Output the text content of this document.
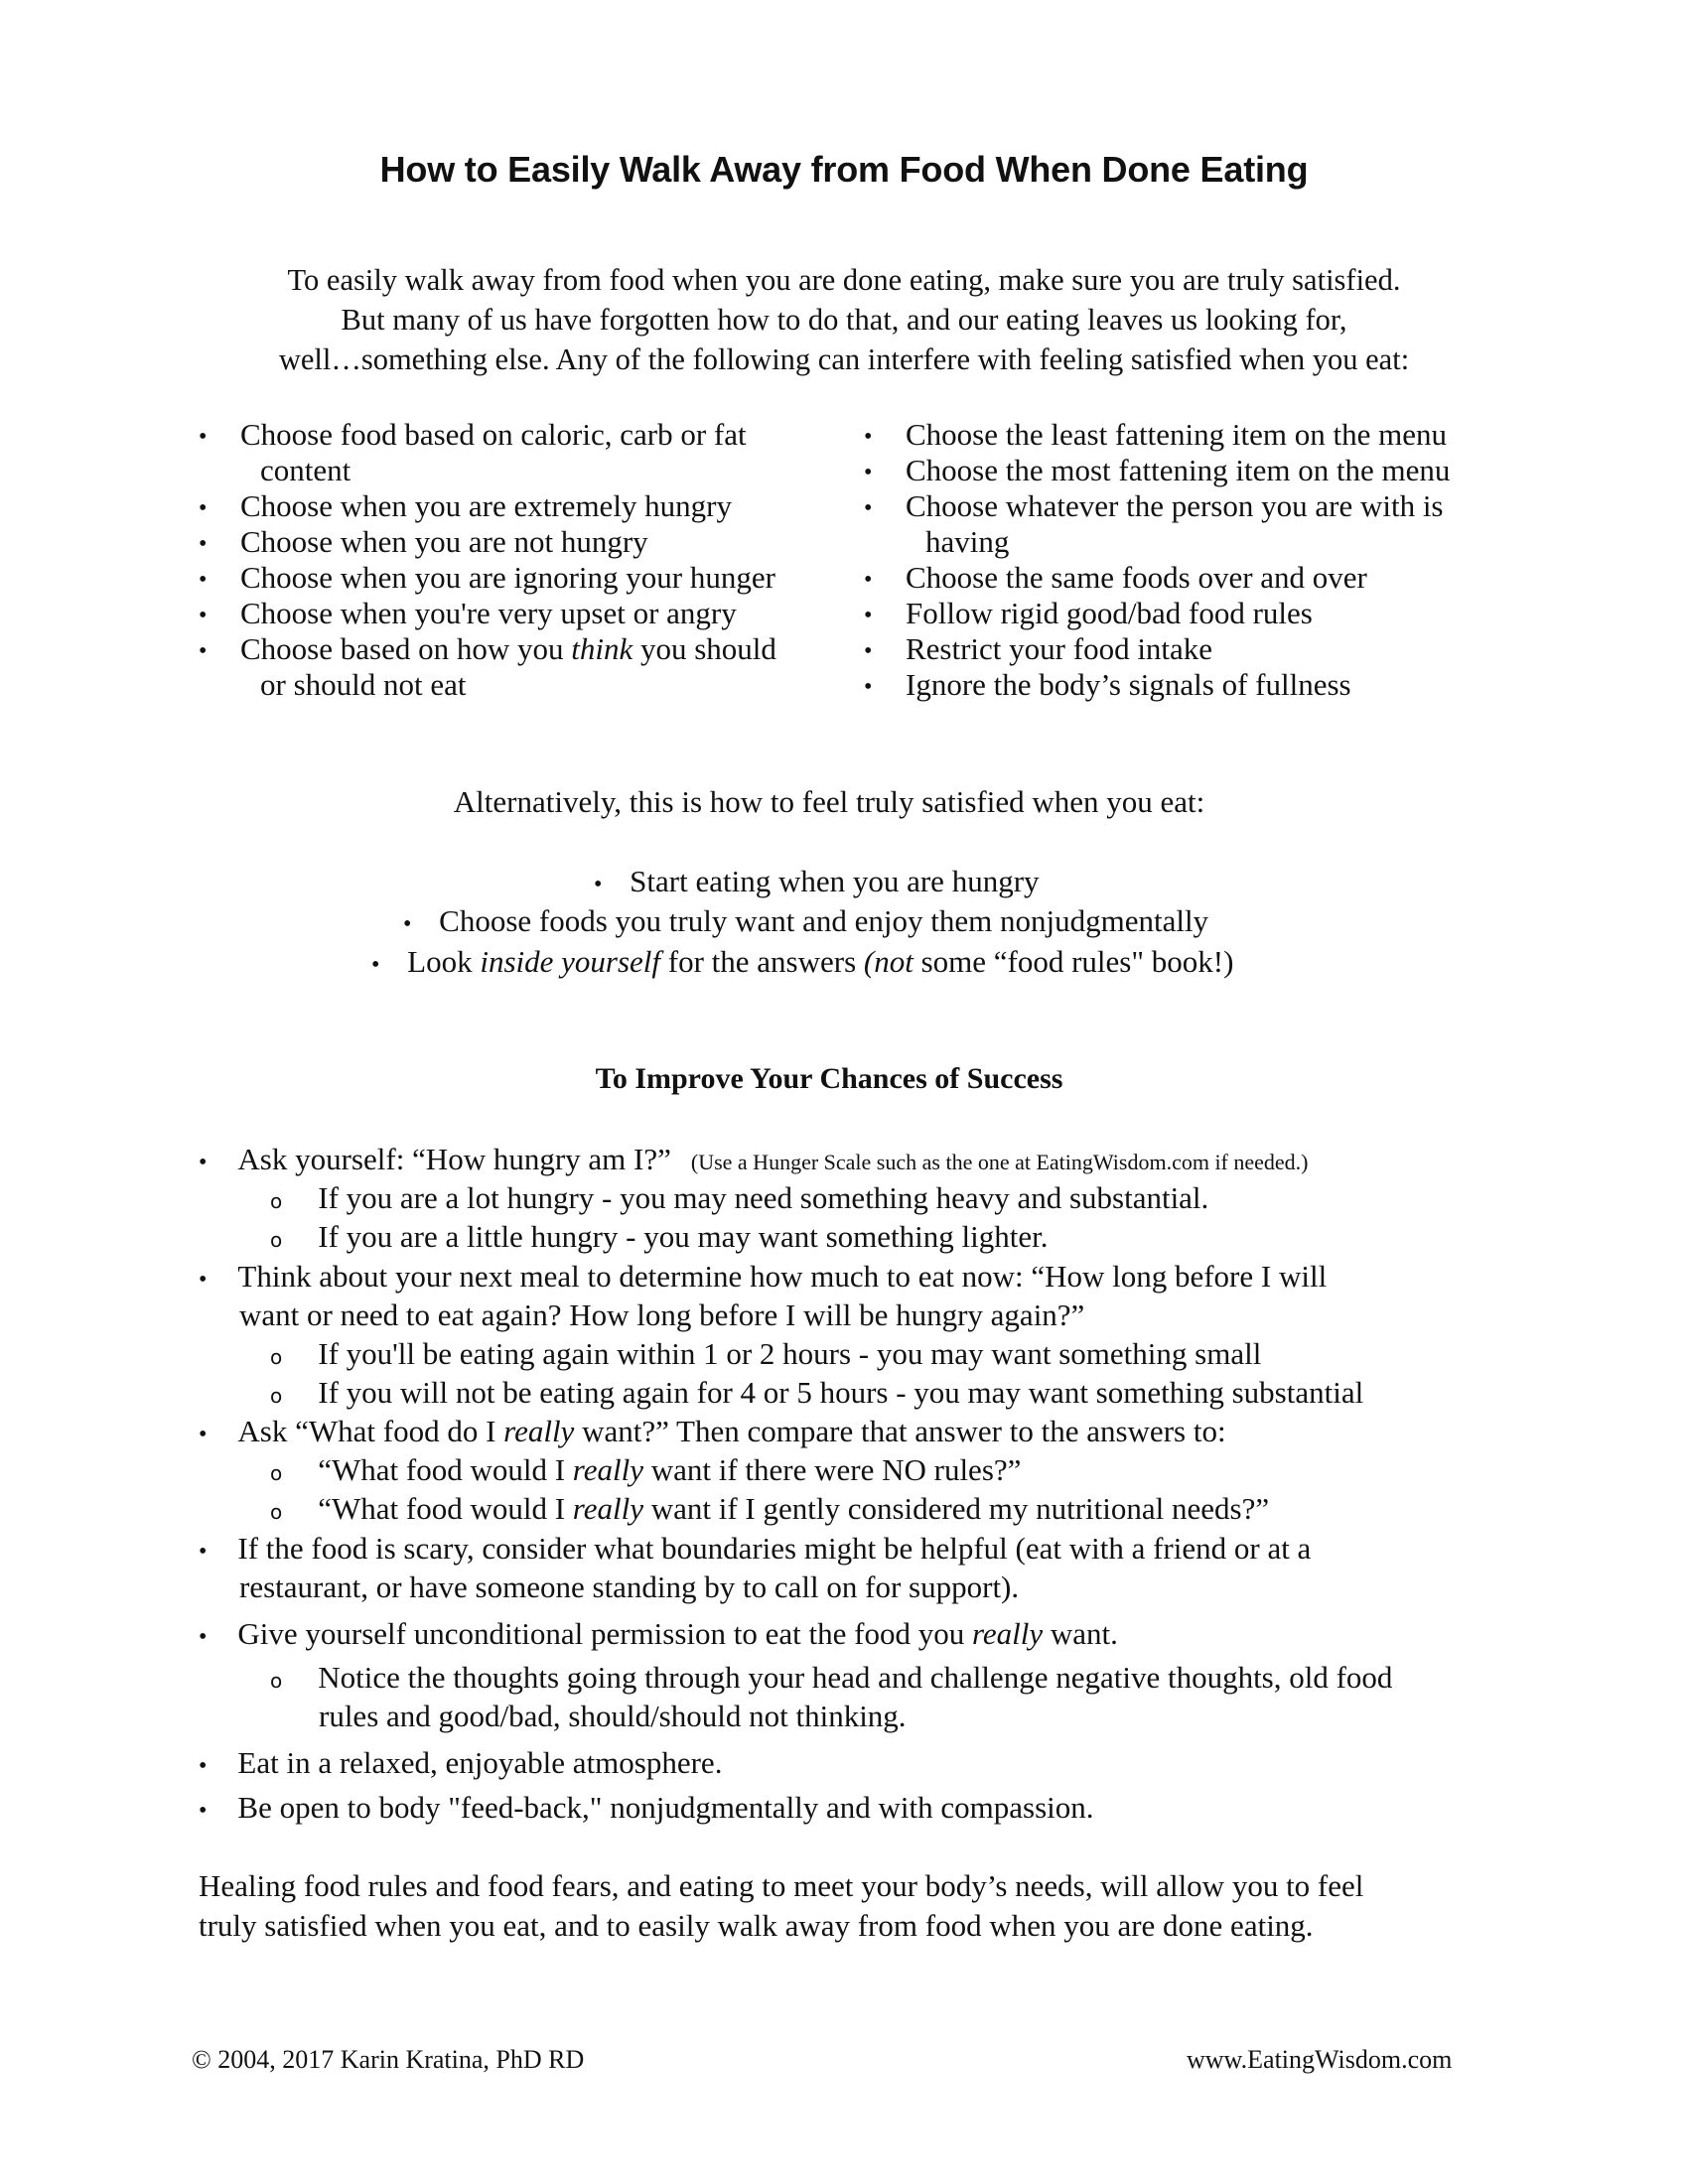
How to Easily Walk Away from Food When Done Eating
To easily walk away from food when you are done eating, make sure you are truly satisfied.
But many of us have forgotten how to do that, and our eating leaves us looking for,
well…something else. Any of the following can interfere with feeling satisfied when you eat:
• Choose food based on caloric, carb or fat
content
• Choose when you are extremely hungry
• Choose when you are not hungry
• Choose when you are ignoring your hunger
• Choose when you're very upset or angry
• Choose based on how you think you should
or should not eat
• Choose the least fattening item on the menu
• Choose the most fattening item on the menu
• Choose whatever the person you are with is
having
• Choose the same foods over and over
• Follow rigid good/bad food rules
• Restrict your food intake
• Ignore the body’s signals of fullness
Alternatively, this is how to feel truly satisfied when you eat:
• Start eating when you are hungry
• Choose foods you truly want and enjoy them nonjudgmentally
• Look inside yourself for the answers (not some “food rules" book!)
To Improve Your Chances of Success
• Ask yourself: “How hungry am I?” (Use a Hunger Scale such as the one at EatingWisdom.com if needed.)
o If you are a lot hungry - you may need something heavy and substantial.
o If you are a little hungry - you may want something lighter.
• Think about your next meal to determine how much to eat now: “How long before I will
want or need to eat again? How long before I will be hungry again?”
o If you'll be eating again within 1 or 2 hours - you may want something small
o If you will not be eating again for 4 or 5 hours - you may want something substantial
• Ask “What food do I really want?” Then compare that answer to the answers to:
o “What food would I really want if there were NO rules?”
o “What food would I really want if I gently considered my nutritional needs?”
• If the food is scary, consider what boundaries might be helpful (eat with a friend or at a
restaurant, or have someone standing by to call on for support).
• Give yourself unconditional permission to eat the food you really want.
o Notice the thoughts going through your head and challenge negative thoughts, old food
rules and good/bad, should/should not thinking.
• Eat in a relaxed, enjoyable atmosphere.
• Be open to body "feed-back," nonjudgmentally and with compassion.
Healing food rules and food fears, and eating to meet your body’s needs, will allow you to feel
truly satisfied when you eat, and to easily walk away from food when you are done eating.
© 2004, 2017 Karin Kratina, PhD RD	www.EatingWisdom.com
